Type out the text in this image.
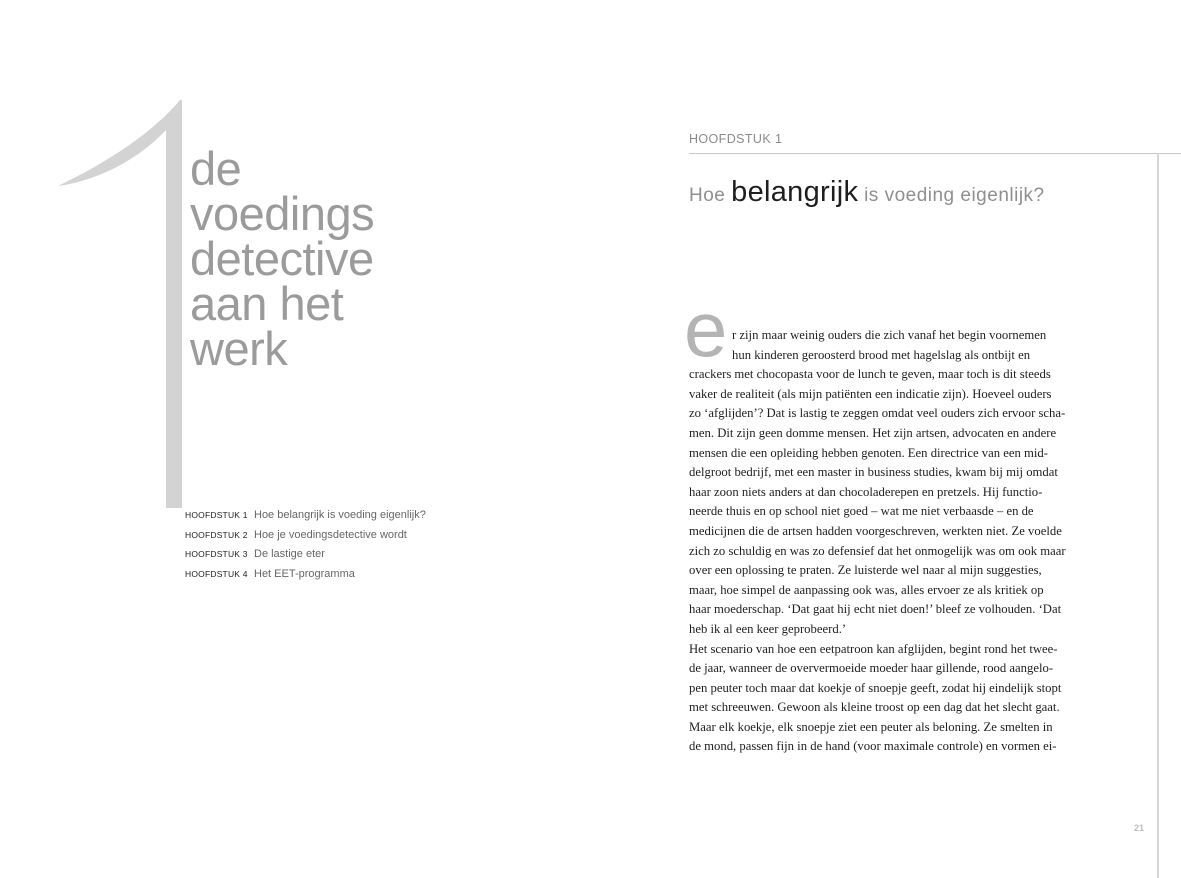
de
voedings
detective
aan het
werk
HOOFDSTUK 1 Hoe belangrijk is voeding eigenlijk?
HOOFDSTUK 2 Hoe je voedingsdetective wordt
HOOFDSTUK 3 De lastige eter
HOOFDSTUK 4 Het EET-programma
HOOFDSTUK 1
Hoe belangrijk is voeding eigenlijk?
e r zijn maar weinig ouders die zich vanaf het begin voornemen
hun kinderen geroosterd brood met hagelslag als ontbijt en
crackers met chocopasta voor de lunch te geven, maar toch is dit steeds
vaker de realiteit (als mijn patiënten een indicatie zijn). Hoeveel ouders
zo ‘afglijden’? Dat is lastig te zeggen omdat veel ouders zich ervoor scha-
men. Dit zijn geen domme mensen. Het zijn artsen, advocaten en andere
mensen die een opleiding hebben genoten. Een directrice van een mid-
delgroot bedrijf, met een master in business studies, kwam bij mij omdat
haar zoon niets anders at dan chocoladerepen en pretzels. Hij functio-
neerde thuis en op school niet goed – wat me niet verbaasde – en de
medicijnen die de artsen hadden voorgeschreven, werkten niet. Ze voelde
zich zo schuldig en was zo defensief dat het onmogelijk was om ook maar
over een oplossing te praten. Ze luisterde wel naar al mijn suggesties,
maar, hoe simpel de aanpassing ook was, alles ervoer ze als kritiek op
haar moederschap. ‘Dat gaat hij echt niet doen!’ bleef ze volhouden. ‘Dat
heb ik al een keer geprobeerd.’
Het scenario van hoe een eetpatroon kan afglijden, begint rond het twee-
de jaar, wanneer de oververmoeide moeder haar gillende, rood aangelo-
pen peuter toch maar dat koekje of snoepje geeft, zodat hij eindelijk stopt
met schreeuwen. Gewoon als kleine troost op een dag dat het slecht gaat.
Maar elk koekje, elk snoepje ziet een peuter als beloning. Ze smelten in
de mond, passen fijn in de hand (voor maximale controle) en vormen ei-
21
